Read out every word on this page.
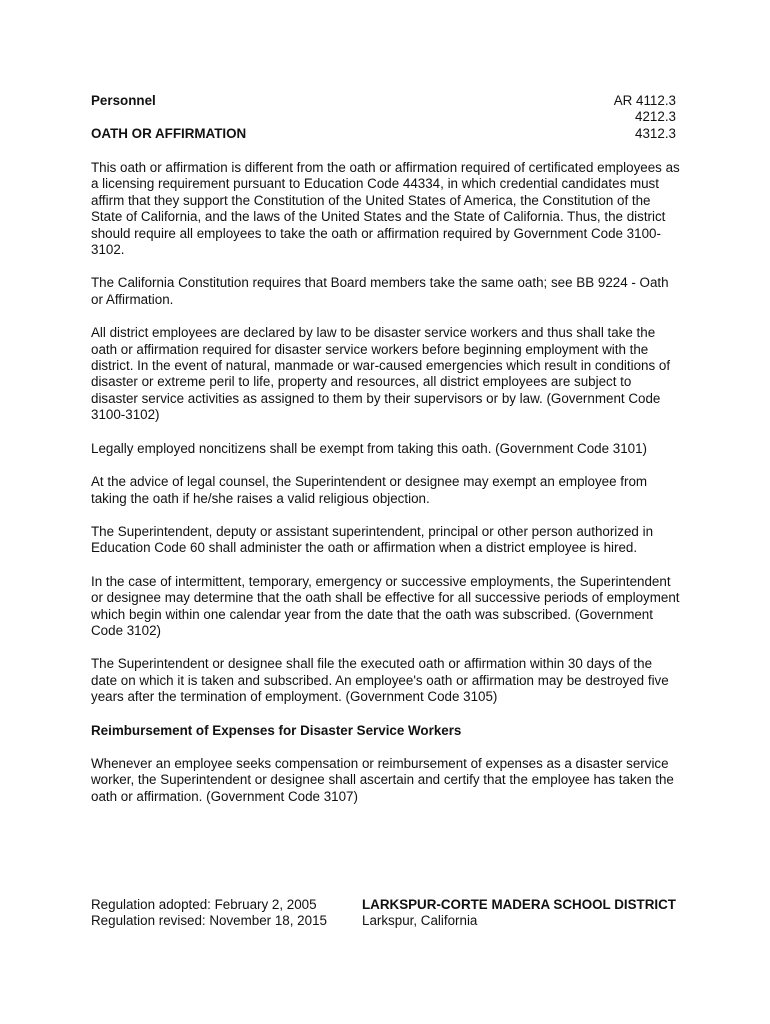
Personnel	AR 4112.3
4212.3
4312.3
OATH OR AFFIRMATION

This oath or affirmation is different from the oath or affirmation required of certificated employees as a licensing requirement pursuant to Education Code 44334, in which credential candidates must affirm that they support the Constitution of the United States of America, the Constitution of the State of California, and the laws of the United States and the State of California. Thus, the district should require all employees to take the oath or affirmation required by Government Code 3100-3102.

The California Constitution requires that Board members take the same oath; see BB 9224 - Oath or Affirmation.

All district employees are declared by law to be disaster service workers and thus shall take the oath or affirmation required for disaster service workers before beginning employment with the district. In the event of natural, manmade or war-caused emergencies which result in conditions of disaster or extreme peril to life, property and resources, all district employees are subject to disaster service activities as assigned to them by their supervisors or by law. (Government Code 3100-3102)

Legally employed noncitizens shall be exempt from taking this oath. (Government Code 3101)

At the advice of legal counsel, the Superintendent or designee may exempt an employee from taking the oath if he/she raises a valid religious objection.

The Superintendent, deputy or assistant superintendent, principal or other person authorized in Education Code 60 shall administer the oath or affirmation when a district employee is hired.

In the case of intermittent, temporary, emergency or successive employments, the Superintendent or designee may determine that the oath shall be effective for all successive periods of employment which begin within one calendar year from the date that the oath was subscribed. (Government Code 3102)

The Superintendent or designee shall file the executed oath or affirmation within 30 days of the date on which it is taken and subscribed. An employee's oath or affirmation may be destroyed five years after the termination of employment. (Government Code 3105)

Reimbursement of Expenses for Disaster Service Workers

Whenever an employee seeks compensation or reimbursement of expenses as a disaster service worker, the Superintendent or designee shall ascertain and certify that the employee has taken the oath or affirmation. (Government Code 3107)

Regulation adopted: February 2, 2005
Regulation revised: November 18, 2015
LARKSPUR-CORTE MADERA SCHOOL DISTRICT
Larkspur, California
